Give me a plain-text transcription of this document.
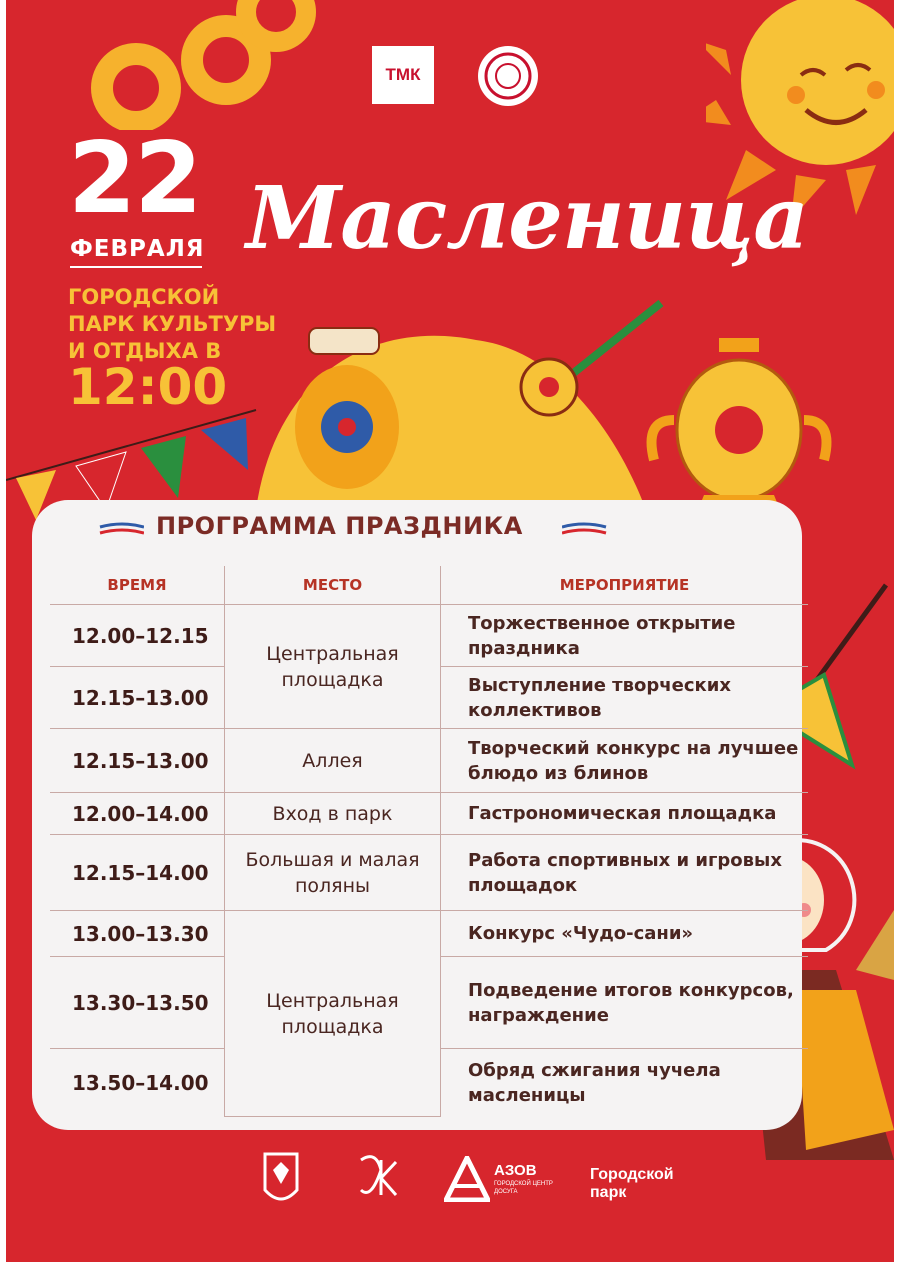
ТМК
22
ФЕВРАЛЯ
ГОРОДСКОЙ
ПАРК КУЛЬТУРЫ
И ОТДЫХА В
12:00
Масленица
ПРОГРАММА ПРАЗДНИКА
ВРЕМЯ	МЕСТО	МЕРОПРИЯТИЕ
12.00–12.15	Центральная площадка	Торжественное открытие праздника
12.15–13.00		Выступление творческих коллективов
12.15–13.00	Аллея	Творческий конкурс на лучшее блюдо из блинов
12.00–14.00	Вход в парк	Гастрономическая площадка
12.15–14.00	Большая и малая поляны	Работа спортивных и игровых площадок
13.00–13.30	Центральная площадка	Конкурс «Чудо-сани»
13.30–13.50		Подведение итогов конкурсов, награждение
13.50–14.00		Обряд сжигания чучела масленицы
АЗОВ
ГОРОДСКОЙ ЦЕНТР ДОСУГА
Городской
парк
